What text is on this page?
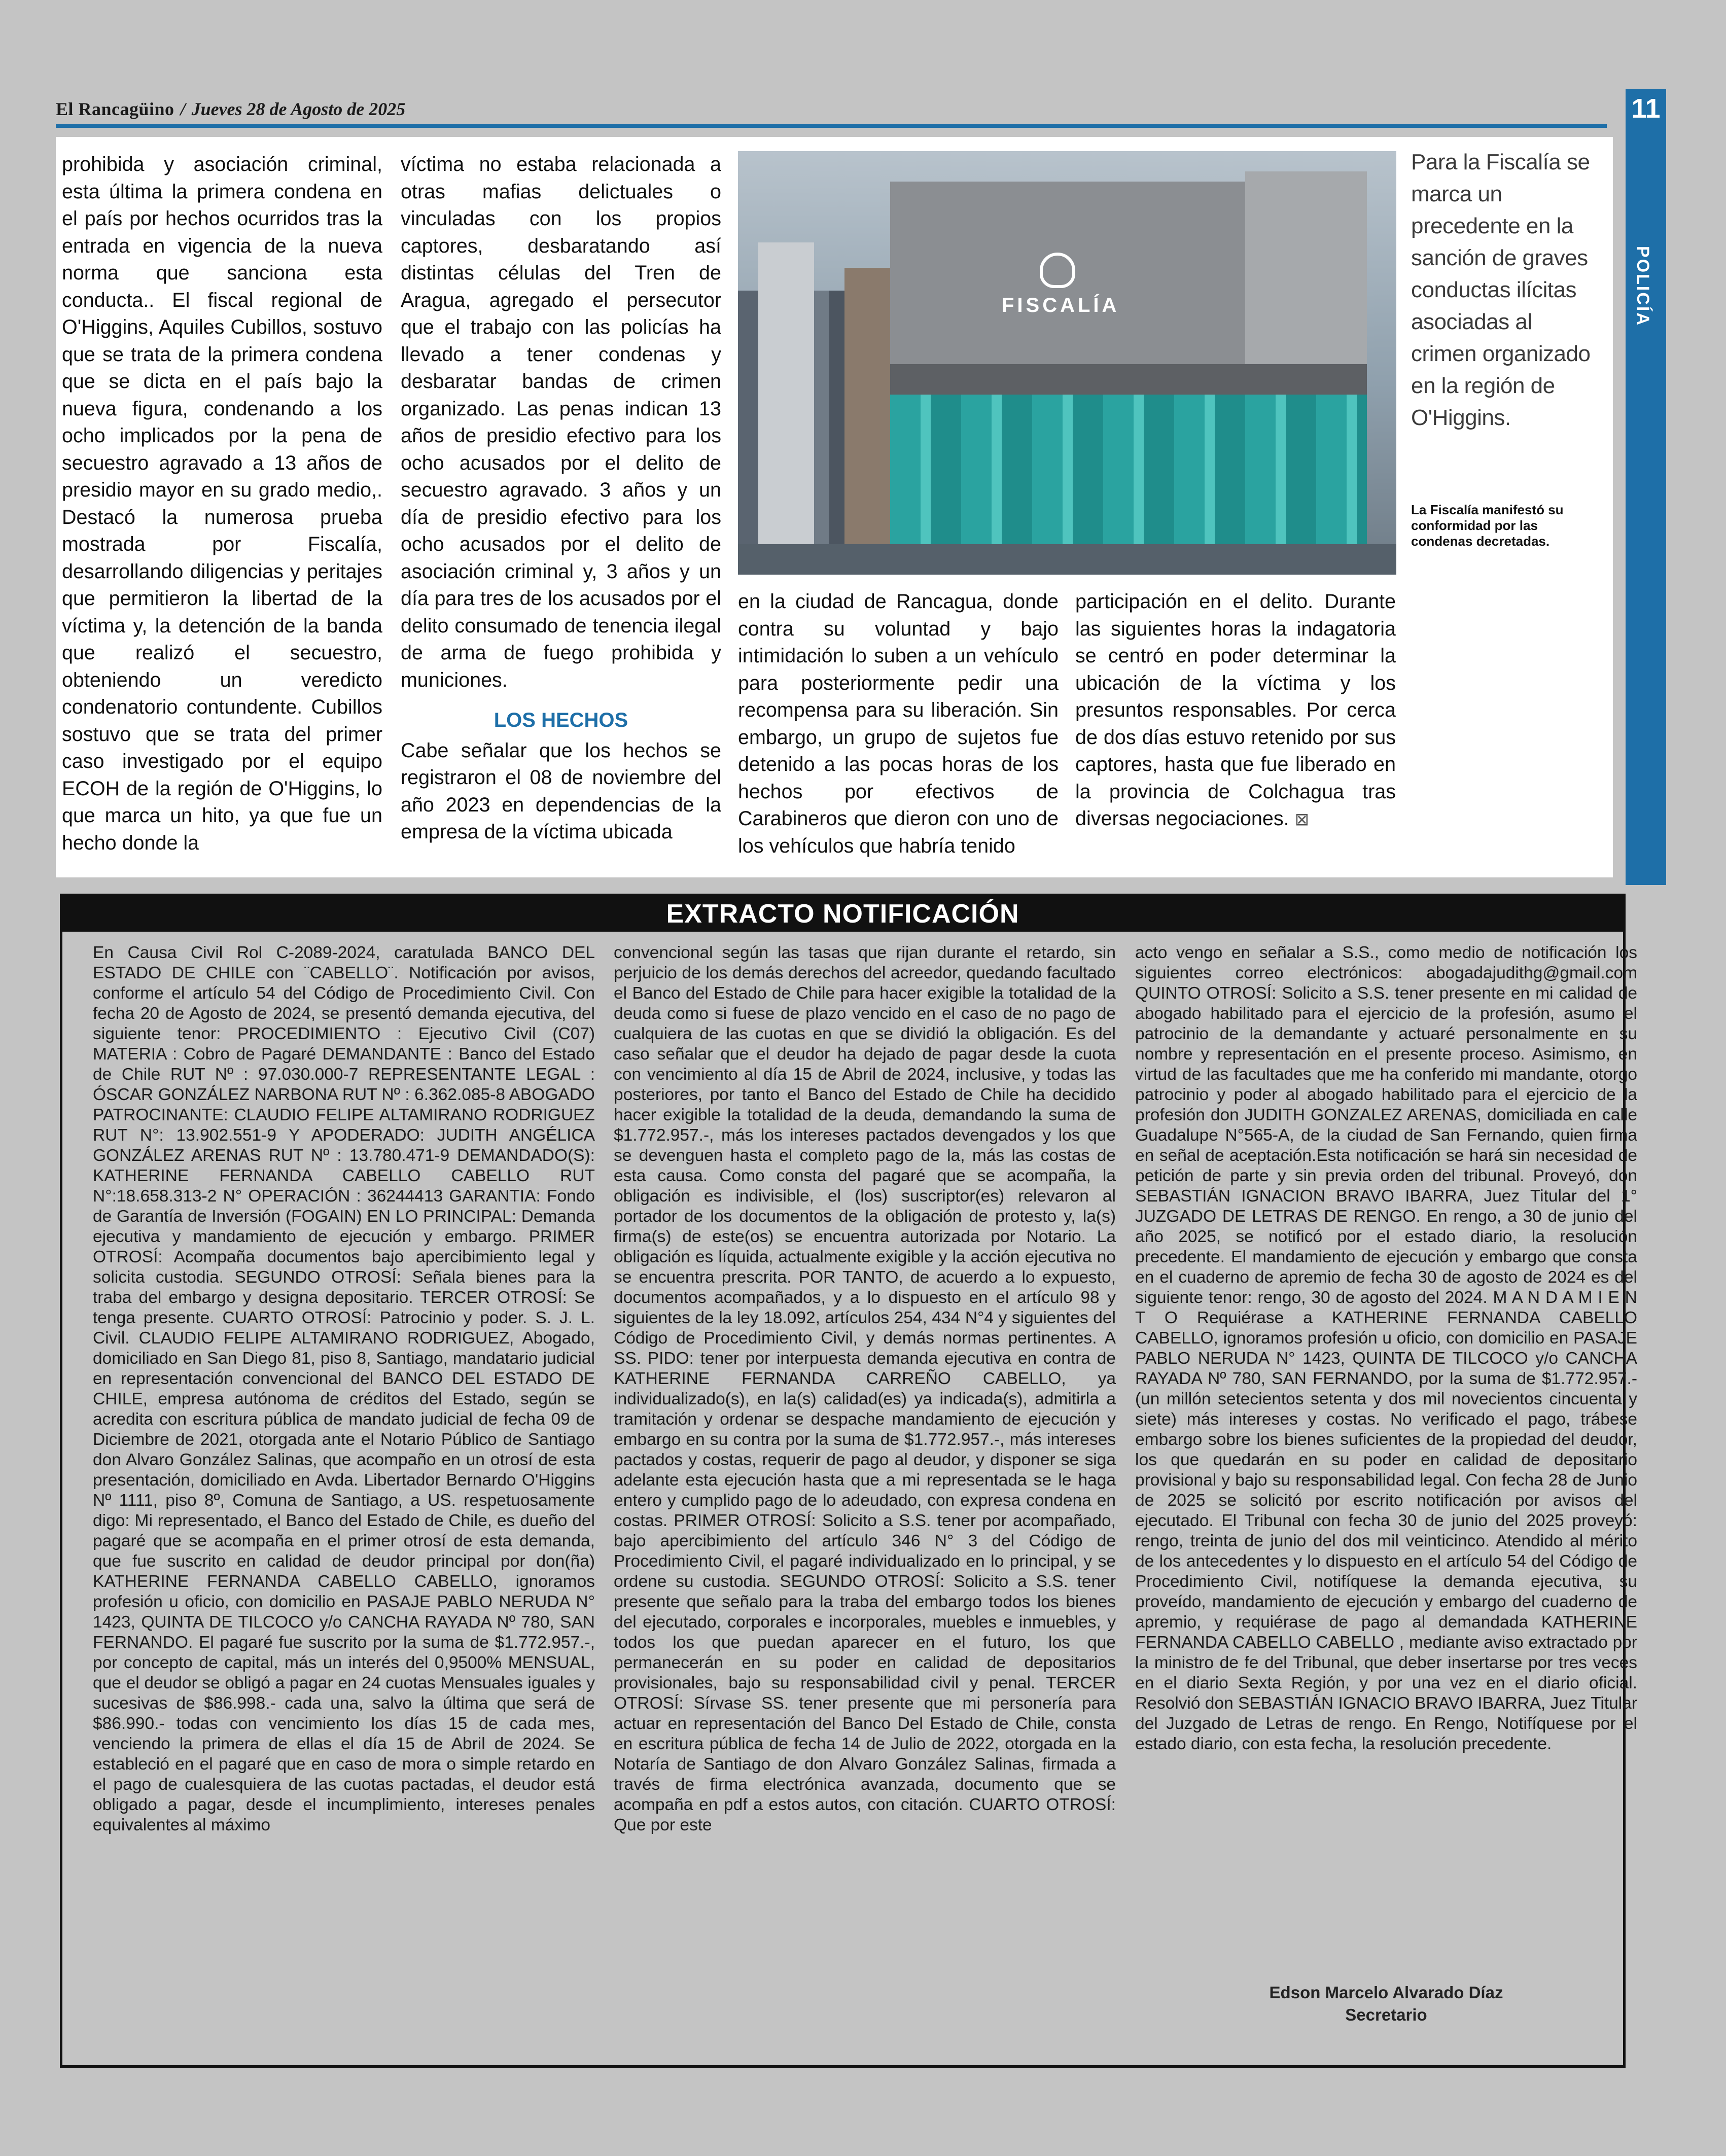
El Rancagüino / Jueves 28 de Agosto de 2025	11
POLICÍA

prohibida y asociación criminal, esta última la primera condena en el país por hechos ocurridos tras la entrada en vigencia de la nueva norma que sanciona esta conducta.. El fiscal regional de O'Higgins, Aquiles Cubillos, sostuvo que se trata de la primera condena que se dicta en el país bajo la nueva figura, condenando a los ocho implicados por la pena de secuestro agravado a 13 años de presidio mayor en su grado medio,. Destacó la numerosa prueba mostrada por Fiscalía, desarrollando diligencias y peritajes que permitieron la libertad de la víctima y, la detención de la banda que realizó el secuestro, obteniendo un veredicto condenatorio contundente. Cubillos sostuvo que se trata del primer caso investigado por el equipo ECOH de la región de O'Higgins, lo que marca un hito, ya que fue un hecho donde la

víctima no estaba relacionada a otras mafias delictuales o vinculadas con los propios captores, desbaratando así distintas células del Tren de Aragua, agregado el persecutor que el trabajo con las policías ha llevado a tener condenas y desbaratar bandas de crimen organizado. Las penas indican 13 años de presidio efectivo para los ocho acusados por el delito de secuestro agravado. 3 años y un día de presidio efectivo para los ocho acusados por el delito de asociación criminal y, 3 años y un día para tres de los acusados por el delito consumado de tenencia ilegal de arma de fuego prohibida y municiones.

LOS HECHOS

Cabe señalar que los hechos se registraron el 08 de noviembre del año 2023 en dependencias de la empresa de la víctima ubicada

FISCALÍA

en la ciudad de Rancagua, donde contra su voluntad y bajo intimidación lo suben a un vehículo para posteriormente pedir una recompensa para su liberación. Sin embargo, un grupo de sujetos fue detenido a las pocas horas de los hechos por efectivos de Carabineros que dieron con uno de los vehículos que habría tenido

participación en el delito. Durante las siguientes horas la indagatoria se centró en poder determinar la ubicación de la víctima y los presuntos responsables. Por cerca de dos días estuvo retenido por sus captores, hasta que fue liberado en la provincia de Colchagua tras diversas negociaciones. ⊠

Para la Fiscalía se marca un precedente en la sanción de graves conductas ilícitas asociadas al crimen organizado en la región de O'Higgins.
La Fiscalía manifestó su conformidad por las condenas decretadas.
EXTRACTO NOTIFICACIÓN
En Causa Civil Rol C-2089-2024, caratulada BANCO DEL ESTADO DE CHILE con ¨CABELLO¨. Notificación por avisos, conforme el artículo 54 del Código de Procedimiento Civil. Con fecha 20 de Agosto de 2024, se presentó demanda ejecutiva, del siguiente tenor: PROCEDIMIENTO : Ejecutivo Civil (C07) MATERIA : Cobro de Pagaré DEMANDANTE : Banco del Estado de Chile RUT Nº : 97.030.000-7 REPRESENTANTE LEGAL : ÓSCAR GONZÁLEZ NARBONA RUT Nº : 6.362.085-8 ABOGADO PATROCINANTE: CLAUDIO FELIPE ALTAMIRANO RODRIGUEZ RUT N°: 13.902.551-9 Y APODERADO: JUDITH ANGÉLICA GONZÁLEZ ARENAS RUT Nº : 13.780.471-9 DEMANDADO(S): KATHERINE FERNANDA CABELLO CABELLO RUT N°:18.658.313-2 N° OPERACIÓN : 36244413 GARANTIA: Fondo de Garantía de Inversión (FOGAIN) EN LO PRINCIPAL: Demanda ejecutiva y mandamiento de ejecución y embargo. PRIMER OTROSÍ: Acompaña documentos bajo apercibimiento legal y solicita custodia. SEGUNDO OTROSÍ: Señala bienes para la traba del embargo y designa depositario. TERCER OTROSÍ: Se tenga presente. CUARTO OTROSÍ: Patrocinio y poder. S. J. L. Civil. CLAUDIO FELIPE ALTAMIRANO RODRIGUEZ, Abogado, domiciliado en San Diego 81, piso 8, Santiago, mandatario judicial en representación convencional del BANCO DEL ESTADO DE CHILE, empresa autónoma de créditos del Estado, según se acredita con escritura pública de mandato judicial de fecha 09 de Diciembre de 2021, otorgada ante el Notario Público de Santiago don Alvaro González Salinas, que acompaño en un otrosí de esta presentación, domiciliado en Avda. Libertador Bernardo O'Higgins Nº 1111, piso 8º, Comuna de Santiago, a US. respetuosamente digo: Mi representado, el Banco del Estado de Chile, es dueño del pagaré que se acompaña en el primer otrosí de esta demanda, que fue suscrito en calidad de deudor principal por don(ña) KATHERINE FERNANDA CABELLO CABELLO, ignoramos profesión u oficio, con domicilio en PASAJE PABLO NERUDA N° 1423, QUINTA DE TILCOCO y/o CANCHA RAYADA Nº 780, SAN FERNANDO. El pagaré fue suscrito por la suma de $1.772.957.-, por concepto de capital, más un interés del 0,9500% MENSUAL, que el deudor se obligó a pagar en 24 cuotas Mensuales iguales y sucesivas de $86.998.- cada una, salvo la última que será de $86.990.- todas con vencimiento los días 15 de cada mes, venciendo la primera de ellas el día 15 de Abril de 2024. Se estableció en el pagaré que en caso de mora o simple retardo en el pago de cualesquiera de las cuotas pactadas, el deudor está obligado a pagar, desde el incumplimiento, intereses penales equivalentes al máximo
convencional según las tasas que rijan durante el retardo, sin perjuicio de los demás derechos del acreedor, quedando facultado el Banco del Estado de Chile para hacer exigible la totalidad de la deuda como si fuese de plazo vencido en el caso de no pago de cualquiera de las cuotas en que se dividió la obligación. Es del caso señalar que el deudor ha dejado de pagar desde la cuota con vencimiento al día 15 de Abril de 2024, inclusive, y todas las posteriores, por tanto el Banco del Estado de Chile ha decidido hacer exigible la totalidad de la deuda, demandando la suma de $1.772.957.-, más los intereses pactados devengados y los que se devenguen hasta el completo pago de la, más las costas de esta causa. Como consta del pagaré que se acompaña, la obligación es indivisible, el (los) suscriptor(es) relevaron al portador de los documentos de la obligación de protesto y, la(s) firma(s) de este(os) se encuentra autorizada por Notario. La obligación es líquida, actualmente exigible y la acción ejecutiva no se encuentra prescrita. POR TANTO, de acuerdo a lo expuesto, documentos acompañados, y a lo dispuesto en el artículo 98 y siguientes de la ley 18.092, artículos 254, 434 N°4 y siguientes del Código de Procedimiento Civil, y demás normas pertinentes. A SS. PIDO: tener por interpuesta demanda ejecutiva en contra de KATHERINE FERNANDA CARREÑO CABELLO, ya individualizado(s), en la(s) calidad(es) ya indicada(s), admitirla a tramitación y ordenar se despache mandamiento de ejecución y embargo en su contra por la suma de $1.772.957.-, más intereses pactados y costas, requerir de pago al deudor, y disponer se siga adelante esta ejecución hasta que a mi representada se le haga entero y cumplido pago de lo adeudado, con expresa condena en costas. PRIMER OTROSÍ: Solicito a S.S. tener por acompañado, bajo apercibimiento del artículo 346 N° 3 del Código de Procedimiento Civil, el pagaré individualizado en lo principal, y se ordene su custodia. SEGUNDO OTROSÍ: Solicito a S.S. tener presente que señalo para la traba del embargo todos los bienes del ejecutado, corporales e incorporales, muebles e inmuebles, y todos los que puedan aparecer en el futuro, los que permanecerán en su poder en calidad de depositarios provisionales, bajo su responsabilidad civil y penal. TERCER OTROSÍ: Sírvase SS. tener presente que mi personería para actuar en representación del Banco Del Estado de Chile, consta en escritura pública de fecha 14 de Julio de 2022, otorgada en la Notaría de Santiago de don Alvaro González Salinas, firmada a través de firma electrónica avanzada, documento que se acompaña en pdf a estos autos, con citación. CUARTO OTROSÍ: Que por este
acto vengo en señalar a S.S., como medio de notificación los siguientes correo electrónicos: abogadajudithg@gmail.com QUINTO OTROSÍ: Solicito a S.S. tener presente en mi calidad de abogado habilitado para el ejercicio de la profesión, asumo el patrocinio de la demandante y actuaré personalmente en su nombre y representación en el presente proceso. Asimismo, en virtud de las facultades que me ha conferido mi mandante, otorgo patrocinio y poder al abogado habilitado para el ejercicio de la profesión don JUDITH GONZALEZ ARENAS, domiciliada en calle Guadalupe N°565-A, de la ciudad de San Fernando, quien firma en señal de aceptación.Esta notificación se hará sin necesidad de petición de parte y sin previa orden del tribunal. Proveyó, don SEBASTIÁN IGNACION BRAVO IBARRA, Juez Titular del 1° JUZGADO DE LETRAS DE RENGO. En rengo, a 30 de junio del año 2025, se notificó por el estado diario, la resolución precedente. El mandamiento de ejecución y embargo que consta en el cuaderno de apremio de fecha 30 de agosto de 2024 es del siguiente tenor: rengo, 30 de agosto del 2024. M A N D A M I E N T O Requiérase a KATHERINE FERNANDA CABELLO CABELLO, ignoramos profesión u oficio, con domicilio en PASAJE PABLO NERUDA N° 1423, QUINTA DE TILCOCO y/o CANCHA RAYADA Nº 780, SAN FERNANDO, por la suma de $1.772.957.- (un millón setecientos setenta y dos mil novecientos cincuenta y siete) más intereses y costas. No verificado el pago, trábese embargo sobre los bienes suficientes de la propiedad del deudor, los que quedarán en su poder en calidad de depositario provisional y bajo su responsabilidad legal. Con fecha 28 de Junio de 2025 se solicitó por escrito notificación por avisos del ejecutado. El Tribunal con fecha 30 de junio del 2025 proveyó: rengo, treinta de junio del dos mil veinticinco. Atendido al mérito de los antecedentes y lo dispuesto en el artículo 54 del Código de Procedimiento Civil, notifíquese la demanda ejecutiva, su proveído, mandamiento de ejecución y embargo del cuaderno de apremio, y requiérase de pago al demandada KATHERINE FERNANDA CABELLO CABELLO , mediante aviso extractado por la ministro de fe del Tribunal, que deber insertarse por tres veces en el diario Sexta Región, y por una vez en el diario oficial. Resolvió don SEBASTIÁN IGNACIO BRAVO IBARRA, Juez Titular del Juzgado de Letras de rengo. En Rengo, Notifíquese por el estado diario, con esta fecha, la resolución precedente.
Edson Marcelo Alvarado Díaz
Secretario
